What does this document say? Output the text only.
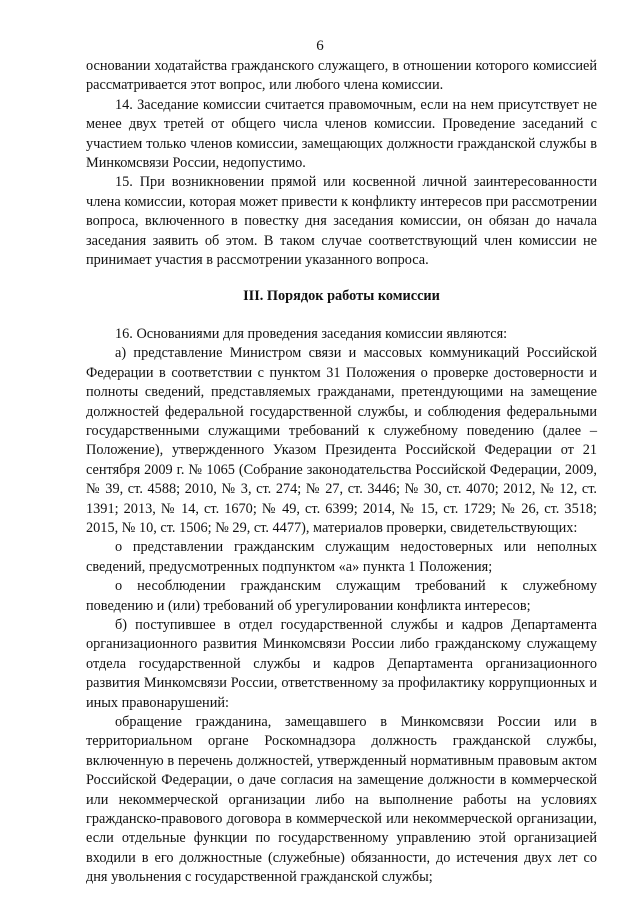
6

основании ходатайства гражданского служащего, в отношении которого комиссией рассматривается этот вопрос, или любого члена комиссии.

14. Заседание комиссии считается правомочным, если на нем присутствует не менее двух третей от общего числа членов комиссии. Проведение заседаний с участием только членов комиссии, замещающих должности гражданской службы в Минкомсвязи России, недопустимо.

15. При возникновении прямой или косвенной личной заинтересованности члена комиссии, которая может привести к конфликту интересов при рассмотрении вопроса, включенного в повестку дня заседания комиссии, он обязан до начала заседания заявить об этом. В таком случае соответствующий член комиссии не принимает участия в рассмотрении указанного вопроса.

III. Порядок работы комиссии

16. Основаниями для проведения заседания комиссии являются:

а) представление Министром связи и массовых коммуникаций Российской Федерации в соответствии с пунктом 31 Положения о проверке достоверности и полноты сведений, представляемых гражданами, претендующими на замещение должностей федеральной государственной службы, и соблюдения федеральными государственными служащими требований к служебному поведению (далее – Положение), утвержденного Указом Президента Российской Федерации от 21 сентября 2009 г. № 1065 (Собрание законодательства Российской Федерации, 2009, № 39, ст. 4588; 2010, № 3, ст. 274; № 27, ст. 3446; № 30, ст. 4070; 2012, № 12, ст. 1391; 2013, № 14, ст. 1670; № 49, ст. 6399; 2014, № 15, ст. 1729; № 26, ст. 3518; 2015, № 10, ст. 1506; № 29, ст. 4477), материалов проверки, свидетельствующих:

о представлении гражданским служащим недостоверных или неполных сведений, предусмотренных подпунктом «а» пункта 1 Положения;

о несоблюдении гражданским служащим требований к служебному поведению и (или) требований об урегулировании конфликта интересов;

б) поступившее в отдел государственной службы и кадров Департамента организационного развития Минкомсвязи России либо гражданскому служащему отдела государственной службы и кадров Департамента организационного развития Минкомсвязи России, ответственному за профилактику коррупционных и иных правонарушений:

обращение гражданина, замещавшего в Минкомсвязи России или в территориальном органе Роскомнадзора должность гражданской службы, включенную в перечень должностей, утвержденный нормативным правовым актом Российской Федерации, о даче согласия на замещение должности в коммерческой или некоммерческой организации либо на выполнение работы на условиях гражданско-правового договора в коммерческой или некоммерческой организации, если отдельные функции по государственному управлению этой организацией входили в его должностные (служебные) обязанности, до истечения двух лет со дня увольнения с государственной гражданской службы;
